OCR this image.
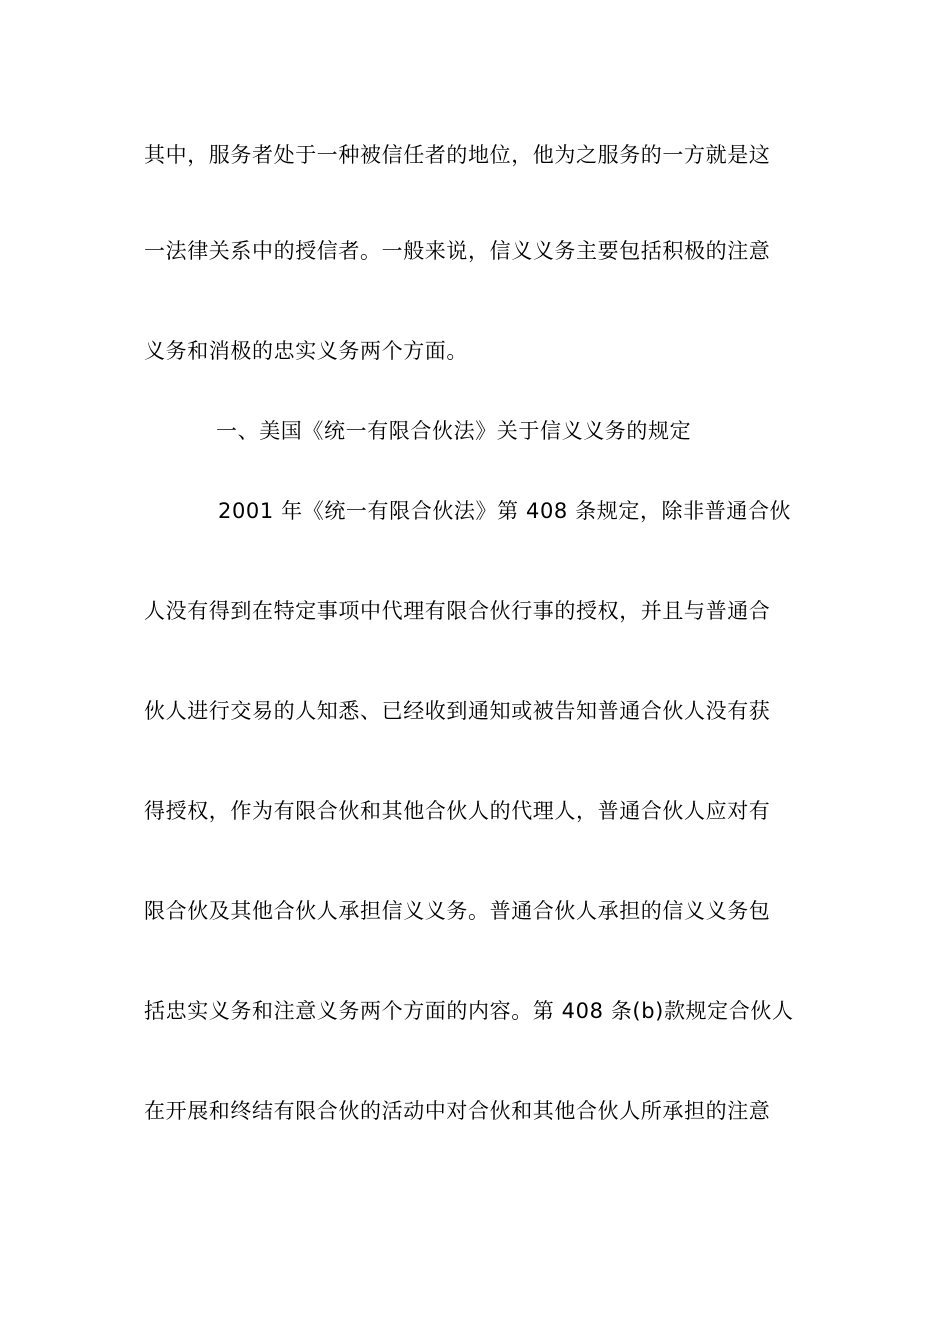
其中，服务者处于一种被信任者的地位，他为之服务的一方就是这
一法律关系中的授信者。一般来说，信义义务主要包括积极的注意
义务和消极的忠实义务两个方面。
一、美国《统一有限合伙法》关于信义义务的规定
2001 年《统一有限合伙法》第 408 条规定，除非普通合伙
人没有得到在特定事项中代理有限合伙行事的授权，并且与普通合
伙人进行交易的人知悉、已经收到通知或被告知普通合伙人没有获
得授权，作为有限合伙和其他合伙人的代理人，普通合伙人应对有
限合伙及其他合伙人承担信义义务。普通合伙人承担的信义义务包
括忠实义务和注意义务两个方面的内容。第 408 条(b)款规定合伙人
在开展和终结有限合伙的活动中对合伙和其他合伙人所承担的注意
